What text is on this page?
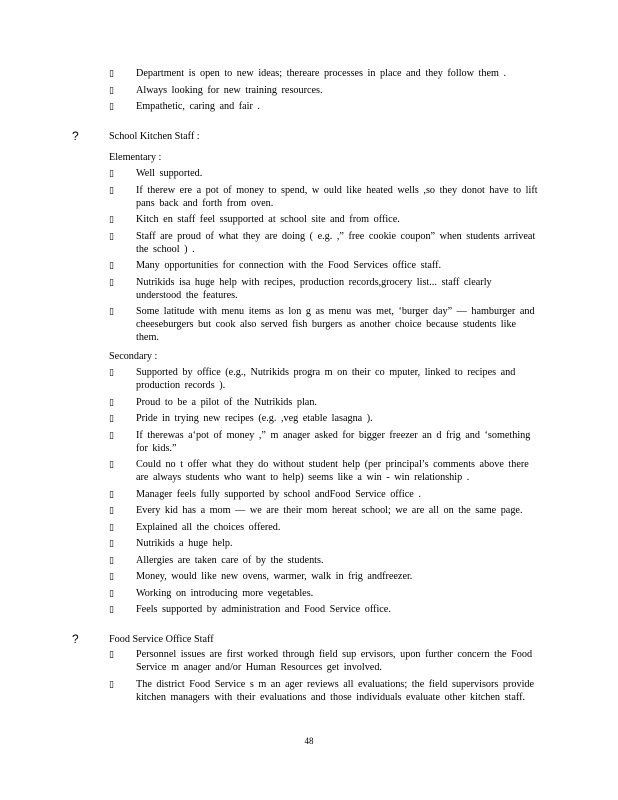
▯
Department is open to new ideas; thereare processes in place and they follow them .
▯
Always looking for new training resources.
▯
Empathetic, caring and fair .
?	School Kitchen Staff :
Elementary :
▯
Well supported.
▯
If therew ere a pot of money to spend, w ould like heated wells ,so they donot have to lift pans back and forth from oven.
▯
Kitch en staff feel ssupported at school site and from office.
▯
Staff are proud of what they are doing ( e.g. ,” free cookie coupon” when students arriveat the school ) .
▯
Many opportunities for connection with the Food Services office staff.
▯
Nutrikids isa huge help with recipes, production records,grocery list... staff clearly understood the features.
▯
Some latitude with menu items as lon g as menu was met, ‘burger day” — hamburger and cheeseburgers but cook also served fish burgers as another choice because students like them.
Secondary :
▯
Supported by office (e.g., Nutrikids progra m on their co mputer, linked to recipes and production records ).
▯
Proud to be a pilot of the Nutrikids plan.
▯
Pride in trying new recipes (e.g. ,veg etable lasagna ).
▯
If therewas a‘pot of money ,” m anager asked for bigger freezer an d frig and ‘something for kids.”
▯
Could no t offer what they do without student help (per principal’s comments above there are always students who want to help) seems like a win - win relationship .
▯
Manager feels fully supported by school andFood Service office .
▯
Every kid has a mom — we are their mom hereat school; we are all on the same page.
▯
Explained all the choices offered.
▯
Nutrikids a huge help.
▯
Allergies are taken care of by the students.
▯
Money, would like new ovens, warmer, walk in frig andfreezer.
▯
Working on introducing more vegetables.
▯
Feels supported by administration and Food Service office.
?	Food Service Office Staff
▯
Personnel issues are first worked through field sup ervisors, upon further concern the Food Service m anager and/or Human Resources get involved.
▯
The district Food Service s m an ager reviews all evaluations; the field supervisors provide kitchen managers with their evaluations and those individuals evaluate other kitchen staff.
48
